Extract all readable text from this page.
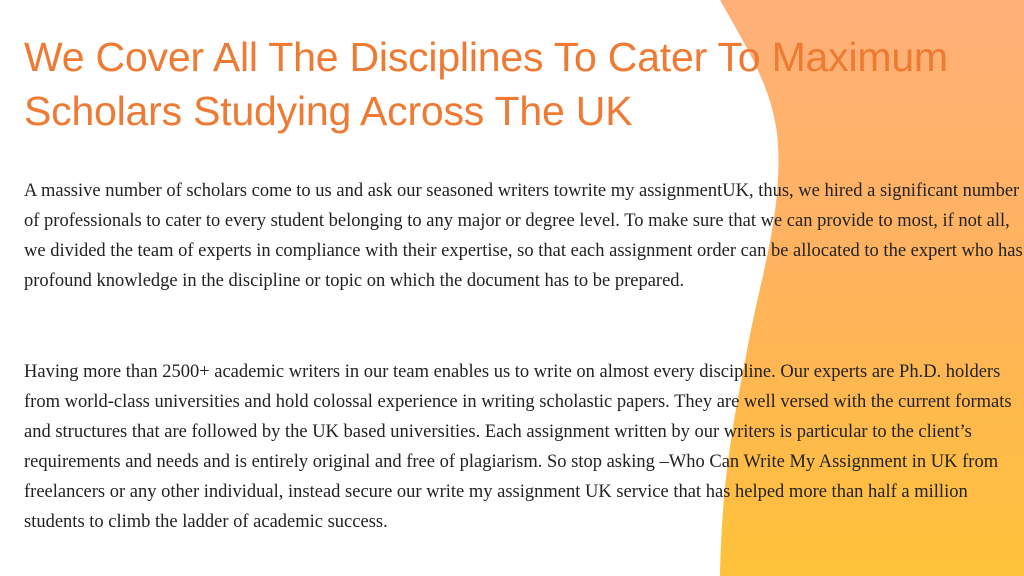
We Cover All The Disciplines To Cater To Maximum Scholars Studying Across The UK

A massive number of scholars come to us and ask our seasoned writers towrite my assignmentUK, thus, we hired a significant number of professionals to cater to every student belonging to any major or degree level. To make sure that we can provide to most, if not all, we divided the team of experts in compliance with their expertise, so that each assignment order can be allocated to the expert who has profound knowledge in the discipline or topic on which the document has to be prepared.

Having more than 2500+ academic writers in our team enables us to write on almost every discipline. Our experts are Ph.D. holders from world-class universities and hold colossal experience in writing scholastic papers. They are well versed with the current formats and structures that are followed by the UK based universities. Each assignment written by our writers is particular to the client’s requirements and needs and is entirely original and free of plagiarism. So stop asking –Who Can Write My Assignment in UK from freelancers or any other individual, instead secure our write my assignment UK service that has helped more than half a million students to climb the ladder of academic success.
